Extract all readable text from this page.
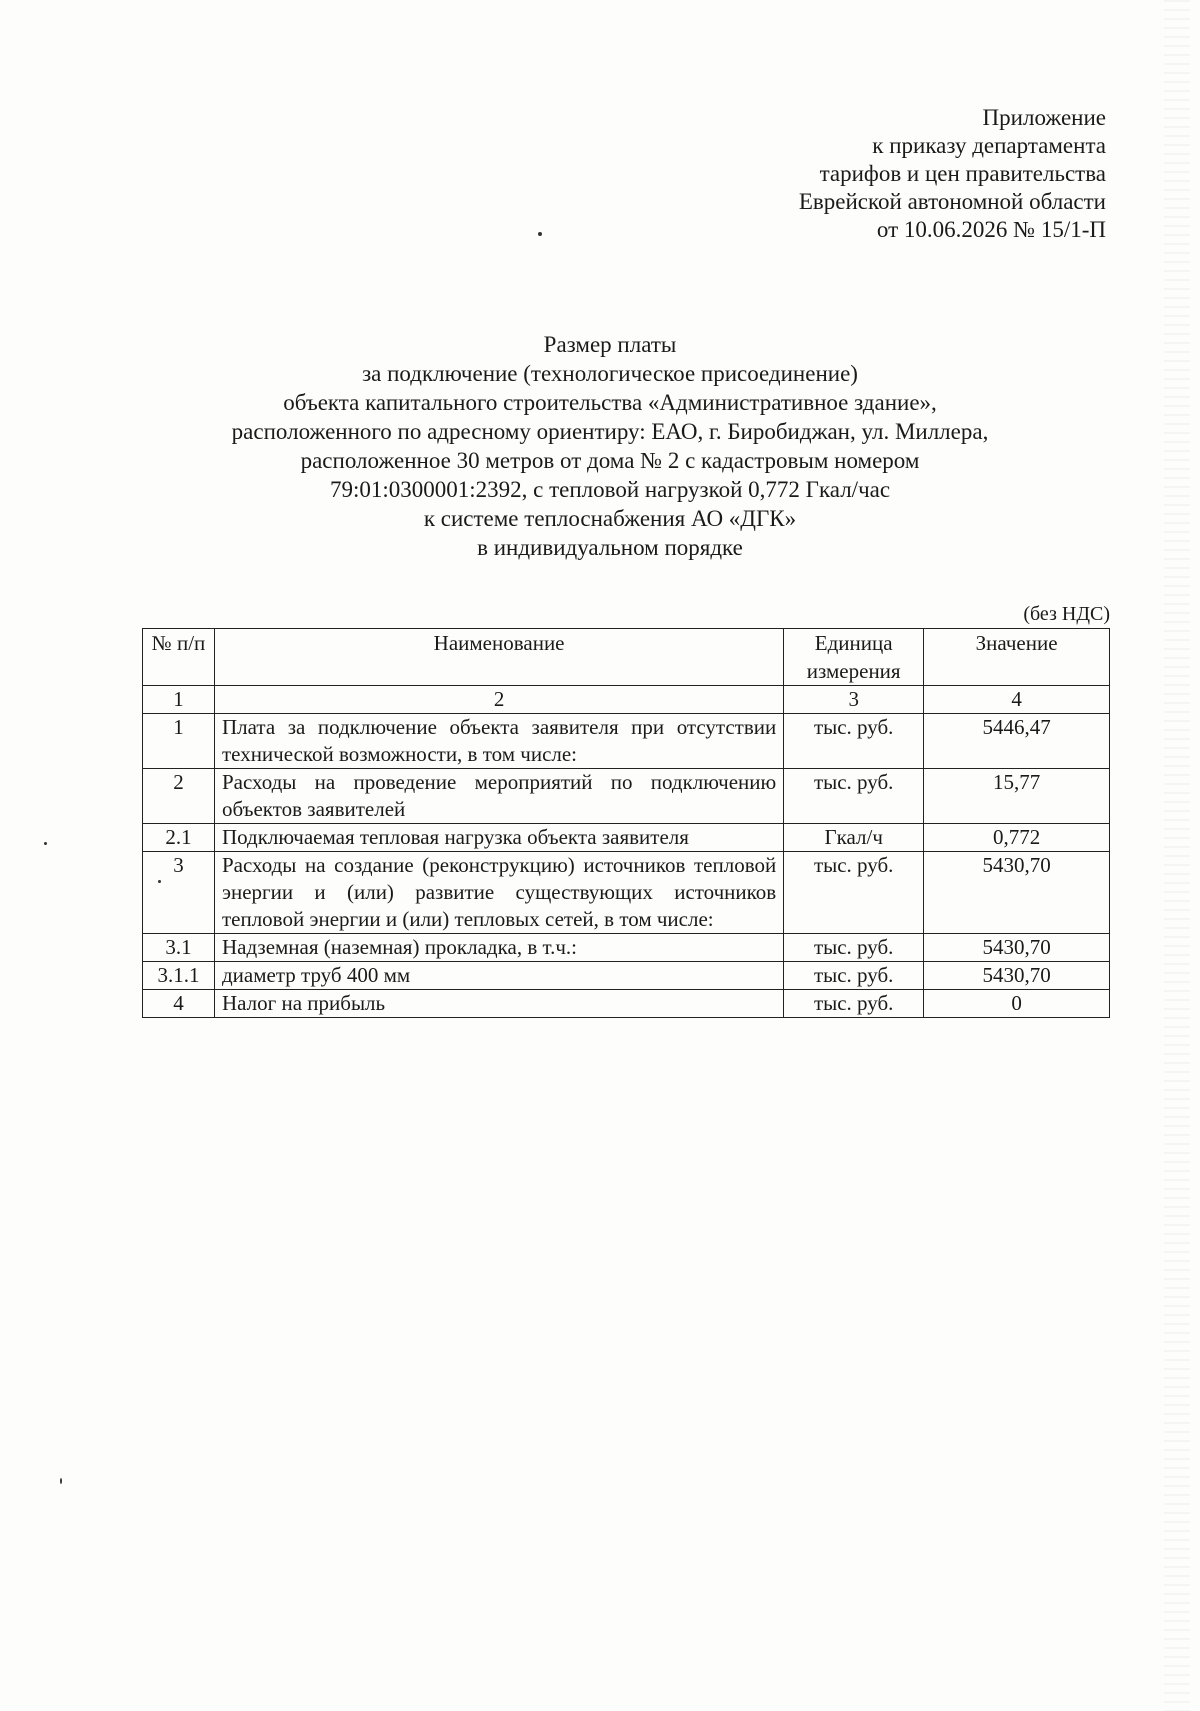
Приложение
к приказу департамента
тарифов и цен правительства
Еврейской автономной области
от 10.06.2026 № 15/1-П
Размер платы
за подключение (технологическое присоединение)
объекта капитального строительства «Административное здание»,
расположенного по адресному ориентиру: ЕАО, г. Биробиджан, ул. Миллера,
расположенное 30 метров от дома № 2 с кадастровым номером
79:01:0300001:2392, с тепловой нагрузкой 0,772 Гкал/час
к системе теплоснабжения АО «ДГК»
в индивидуальном порядке
(без НДС)
№ п/п	Наименование	Единица измерения	Значение
1	2	3	4
1	Плата за подключение объекта заявителя при отсутствии технической возможности, в том числе:	тыс. руб.	5446,47
2	Расходы на проведение мероприятий по подключению объектов заявителей	тыс. руб.	15,77
2.1	Подключаемая тепловая нагрузка объекта заявителя	Гкал/ч	0,772
3	Расходы на создание (реконструкцию) источников тепловой энергии и (или) развитие существующих источников тепловой энергии и (или) тепловых сетей, в том числе:	тыс. руб.	5430,70
3.1	Надземная (наземная) прокладка, в т.ч.:	тыс. руб.	5430,70
3.1.1	диаметр труб 400 мм	тыс. руб.	5430,70
4	Налог на прибыль	тыс. руб.	0
